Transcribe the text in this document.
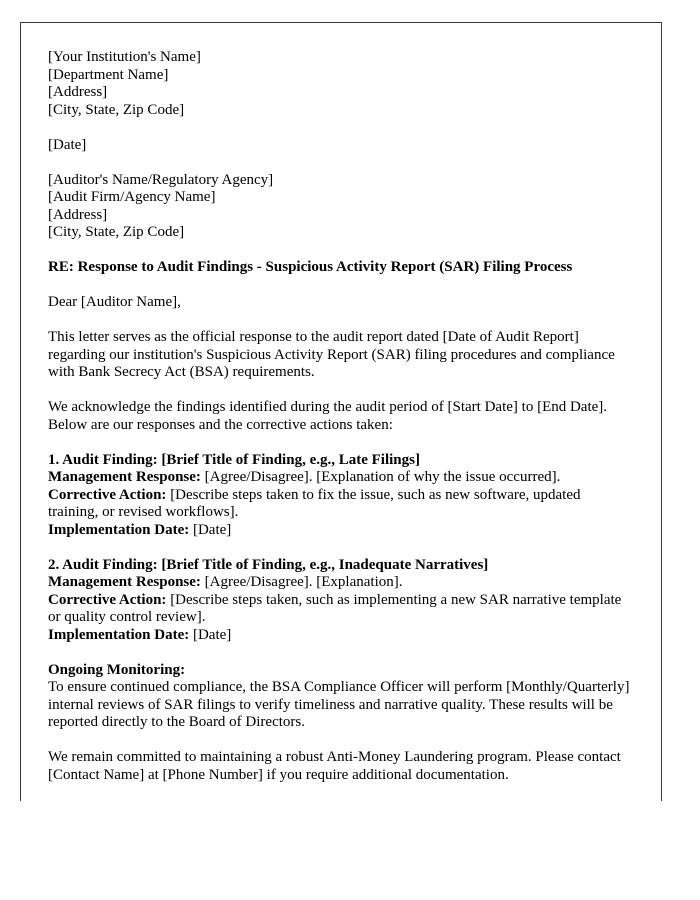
[Your Institution's Name]
[Department Name]
[Address]
[City, State, Zip Code]
[Date]
[Auditor's Name/Regulatory Agency]
[Audit Firm/Agency Name]
[Address]
[City, State, Zip Code]
RE: Response to Audit Findings - Suspicious Activity Report (SAR) Filing Process
Dear [Auditor Name],

This letter serves as the official response to the audit report dated [Date of Audit Report] regarding our institution's Suspicious Activity Report (SAR) filing procedures and compliance with Bank Secrecy Act (BSA) requirements.

We acknowledge the findings identified during the audit period of [Start Date] to [End Date]. Below are our responses and the corrective actions taken:

1. Audit Finding: [Brief Title of Finding, e.g., Late Filings]
Management Response: [Agree/Disagree]. [Explanation of why the issue occurred].
Corrective Action: [Describe steps taken to fix the issue, such as new software, updated training, or revised workflows].
Implementation Date: [Date]
2. Audit Finding: [Brief Title of Finding, e.g., Inadequate Narratives]
Management Response: [Agree/Disagree]. [Explanation].
Corrective Action: [Describe steps taken, such as implementing a new SAR narrative template or quality control review].
Implementation Date: [Date]
Ongoing Monitoring:
To ensure continued compliance, the BSA Compliance Officer will perform [Monthly/Quarterly] internal reviews of SAR filings to verify timeliness and narrative quality. These results will be reported directly to the Board of Directors.

We remain committed to maintaining a robust Anti-Money Laundering program. Please contact [Contact Name] at [Phone Number] if you require additional documentation.
